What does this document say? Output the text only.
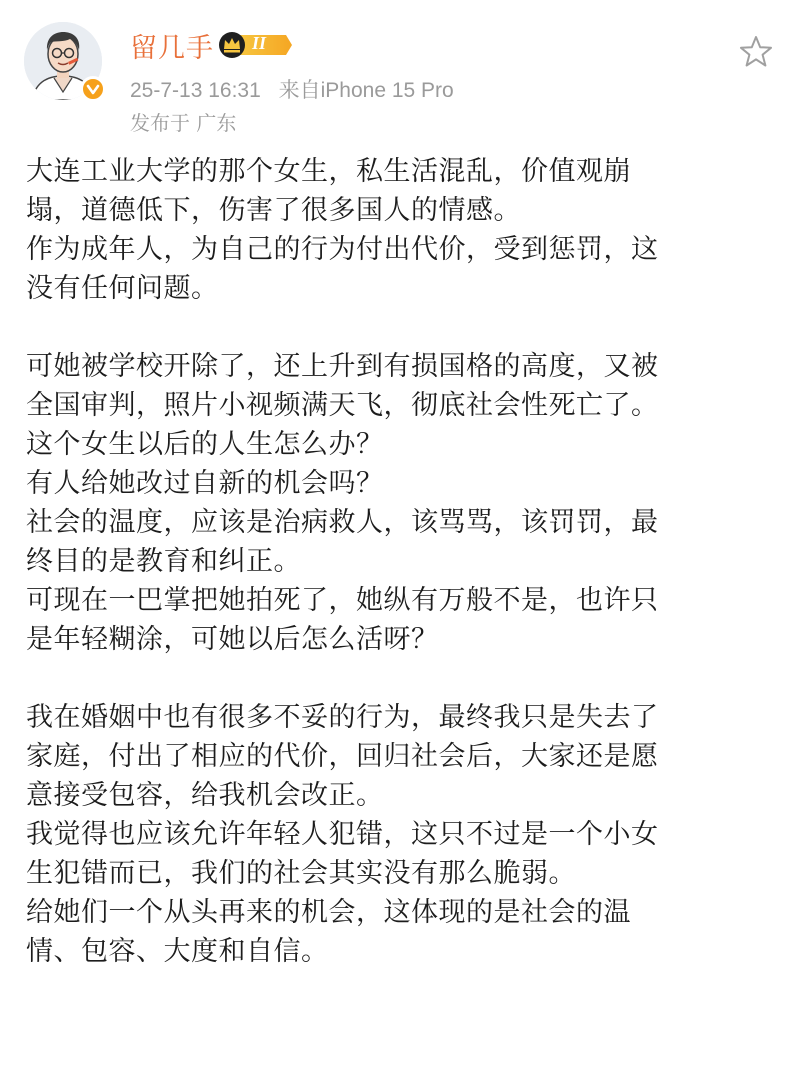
留几手 II
25-7-13 16:31 来自iPhone 15 Pro
发布于 广东

大连工业大学的那个女生，私生活混乱，价值观崩

塌，道德低下，伤害了很多国人的情感。

作为成年人，为自己的行为付出代价，受到惩罚，这

没有任何问题。

可她被学校开除了，还上升到有损国格的高度，又被

全国审判，照片小视频满天飞，彻底社会性死亡了。

这个女生以后的人生怎么办？

有人给她改过自新的机会吗？

社会的温度，应该是治病救人，该骂骂，该罚罚，最

终目的是教育和纠正。

可现在一巴掌把她拍死了，她纵有万般不是，也许只

是年轻糊涂，可她以后怎么活呀？

我在婚姻中也有很多不妥的行为，最终我只是失去了

家庭，付出了相应的代价，回归社会后，大家还是愿

意接受包容，给我机会改正。

我觉得也应该允许年轻人犯错，这只不过是一个小女

生犯错而已，我们的社会其实没有那么脆弱。

给她们一个从头再来的机会，这体现的是社会的温

情、包容、大度和自信。
